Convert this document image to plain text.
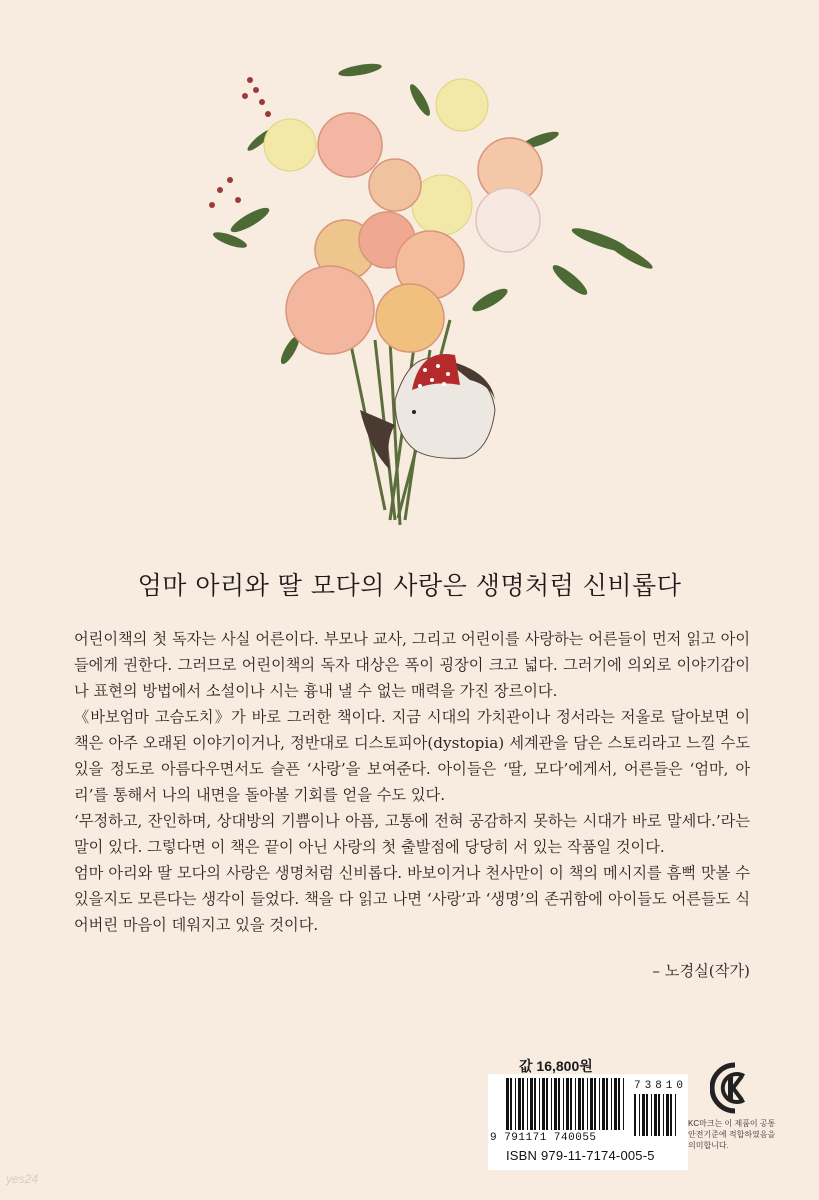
엄마 아리와 딸 모다의 사랑은 생명처럼 신비롭다

어린이책의 첫 독자는 사실 어른이다. 부모나 교사, 그리고 어린이를 사랑하는 어른들이 먼저 읽고 아이들에게 권한다. 그러므로 어린이책의 독자 대상은 폭이 굉장이 크고 넓다. 그러기에 의외로 이야기감이나 표현의 방법에서 소설이나 시는 흉내 낼 수 없는 매력을 가진 장르이다.

《바보엄마 고슴도치》가 바로 그러한 책이다. 지금 시대의 가치관이나 정서라는 저울로 달아보면 이 책은 아주 오래된 이야기이거나, 정반대로 디스토피아(dystopia) 세계관을 담은 스토리라고 느낄 수도 있을 정도로 아름다우면서도 슬픈 ‘사랑’을 보여준다. 아이들은 ‘딸, 모다’에게서, 어른들은 ‘엄마, 아리’를 통해서 나의 내면을 돌아볼 기회를 얻을 수도 있다.

‘무정하고, 잔인하며, 상대방의 기쁨이나 아픔, 고통에 전혀 공감하지 못하는 시대가 바로 말세다.’라는 말이 있다. 그렇다면 이 책은 끝이 아닌 사랑의 첫 출발점에 당당히 서 있는 작품일 것이다.

엄마 아리와 딸 모다의 사랑은 생명처럼 신비롭다. 바보이거나 천사만이 이 책의 메시지를 흠뻑 맛볼 수 있을지도 모른다는 생각이 들었다. 책을 다 읽고 나면 ‘사랑’과 ‘생명’의 존귀함에 아이들도 어른들도 식어버린 마음이 데워지고 있을 것이다.

– 노경실(작가)
값 16,800원
73810
9 791171 740055
ISBN 979-11-7174-005-5
KC마크는 이 제품이 공통안전기준에 적합하였음을 의미합니다.
yes24
